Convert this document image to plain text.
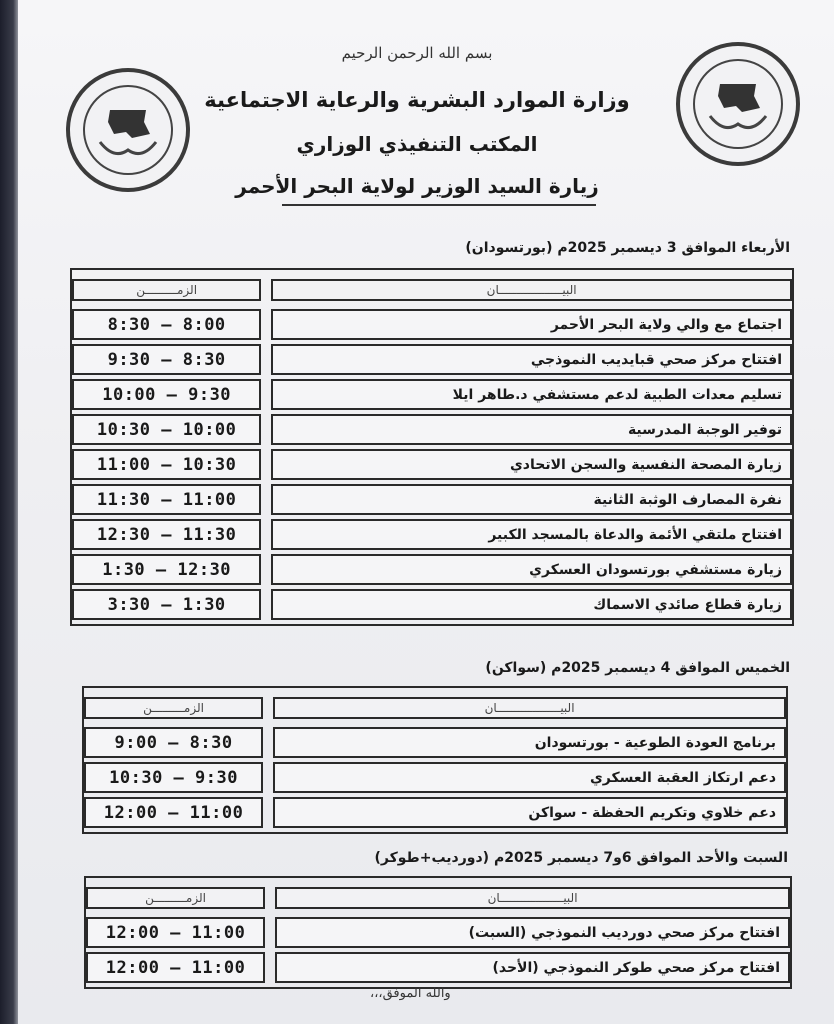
بسم الله الرحمن الرحيم
وزارة الموارد البشرية والرعاية الاجتماعية
المكتب التنفيذي الوزاري
زيارة السيد الوزير لولاية البحر الأحمر
الأربعاء الموافق 3 ديسمبر 2025م (بورتسودان)
البيــــــــــــــــــان	الزمـــــــــن

اجتماع مع والي ولاية البحر الأحمر	8:30 – 8:00

افتتاح مركز صحي قبايديب النموذجي	9:30 – 8:30

تسليم معدات الطبية لدعم مستشفي د.طاهر ايلا	10:00 – 9:30

توفير الوجبة المدرسية	10:30 – 10:00

زيارة المصحة النفسية والسجن الاتحادي	11:00 – 10:30

نفرة المصارف الوثبة الثانية	11:30 – 11:00

افتتاح ملتقي الأئمة والدعاة بالمسجد الكبير	12:30 – 11:30

زيارة مستشفي بورتسودان العسكري	1:30 – 12:30

زيارة قطاع صائدي الاسماك	3:30 – 1:30
الخميس الموافق 4 ديسمبر 2025م (سواكن)
البيــــــــــــــــــان	الزمـــــــــن

برنامج العودة الطوعية - بورتسودان	9:00 – 8:30

دعم ارتكاز العقبة العسكري	10:30 – 9:30

دعم خلاوي وتكريم الحفظة - سواكن	12:00 – 11:00
السبت والأحد الموافق 6و7 ديسمبر 2025م (دورديب+طوكر)
البيــــــــــــــــــان	الزمـــــــــن

افتتاح مركز صحي دورديب النموذجي (السبت)	12:00 – 11:00

افتتاح مركز صحي طوكر النموذجي (الأحد)	12:00 – 11:00
والله الموفق،،،
